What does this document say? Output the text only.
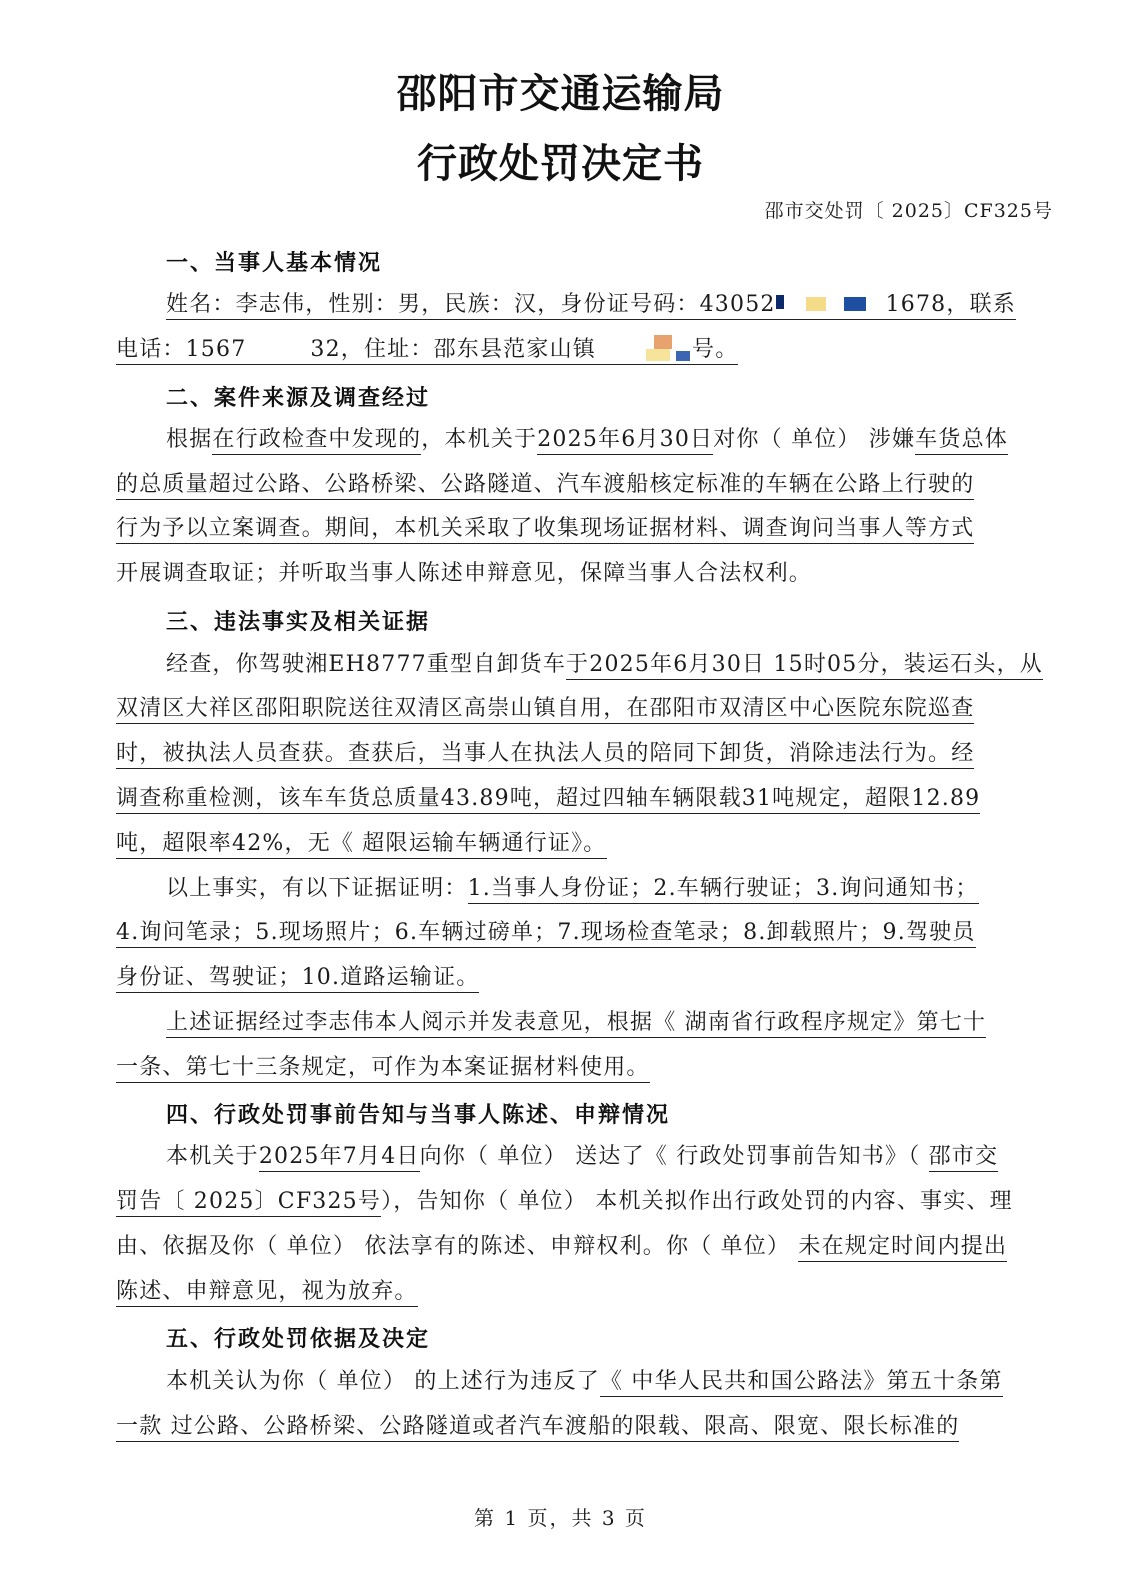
邵阳市交通运输局
行政处罚决定书
邵市交处罚〔 2025〕CF325号
一、当事人基本情况
姓名：李志伟，性别：男，民族：汉，身份证号码：43052	1678，联系
电话：1567	32，住址：邵东县范家山镇	号。
二、案件来源及调查经过
根据在行政检查中发现的，本机关于2025年6月30日对你（ 单位） 涉嫌车货总体
的总质量超过公路、公路桥梁、公路隧道、汽车渡船核定标准的车辆在公路上行驶的
行为予以立案调查。期间，本机关采取了收集现场证据材料、调查询问当事人等方式
开展调查取证；并听取当事人陈述申辩意见，保障当事人合法权利。
三、违法事实及相关证据
经查，你驾驶湘EH8777重型自卸货车于2025年6月30日 15时05分，装运石头，从
双清区大祥区邵阳职院送往双清区高崇山镇自用，在邵阳市双清区中心医院东院巡查
时，被执法人员查获。查获后，当事人在执法人员的陪同下卸货，消除违法行为。经
调查称重检测，该车车货总质量43.89吨，超过四轴车辆限载31吨规定，超限12.89
吨，超限率42%，无《 超限运输车辆通行证》。
以上事实，有以下证据证明：1.当事人身份证；2.车辆行驶证；3.询问通知书；
4.询问笔录；5.现场照片；6.车辆过磅单；7.现场检查笔录；8.卸载照片；9.驾驶员
身份证、驾驶证；10.道路运输证。
上述证据经过李志伟本人阅示并发表意见，根据《 湖南省行政程序规定》第七十
一条、第七十三条规定，可作为本案证据材料使用。
四、行政处罚事前告知与当事人陈述、申辩情况
本机关于2025年7月4日向你（ 单位） 送达了《 行政处罚事前告知书》（ 邵市交
罚告〔 2025〕CF325号），告知你（ 单位） 本机关拟作出行政处罚的内容、事实、理
由、依据及你（ 单位） 依法享有的陈述、申辩权利。你（ 单位） 未在规定时间内提出
陈述、申辩意见，视为放弃。
五、行政处罚依据及决定
本机关认为你（ 单位） 的上述行为违反了《 中华人民共和国公路法》第五十条第
一款 过公路、公路桥梁、公路隧道或者汽车渡船的限载、限高、限宽、限长标准的
第 1 页，共 3 页
